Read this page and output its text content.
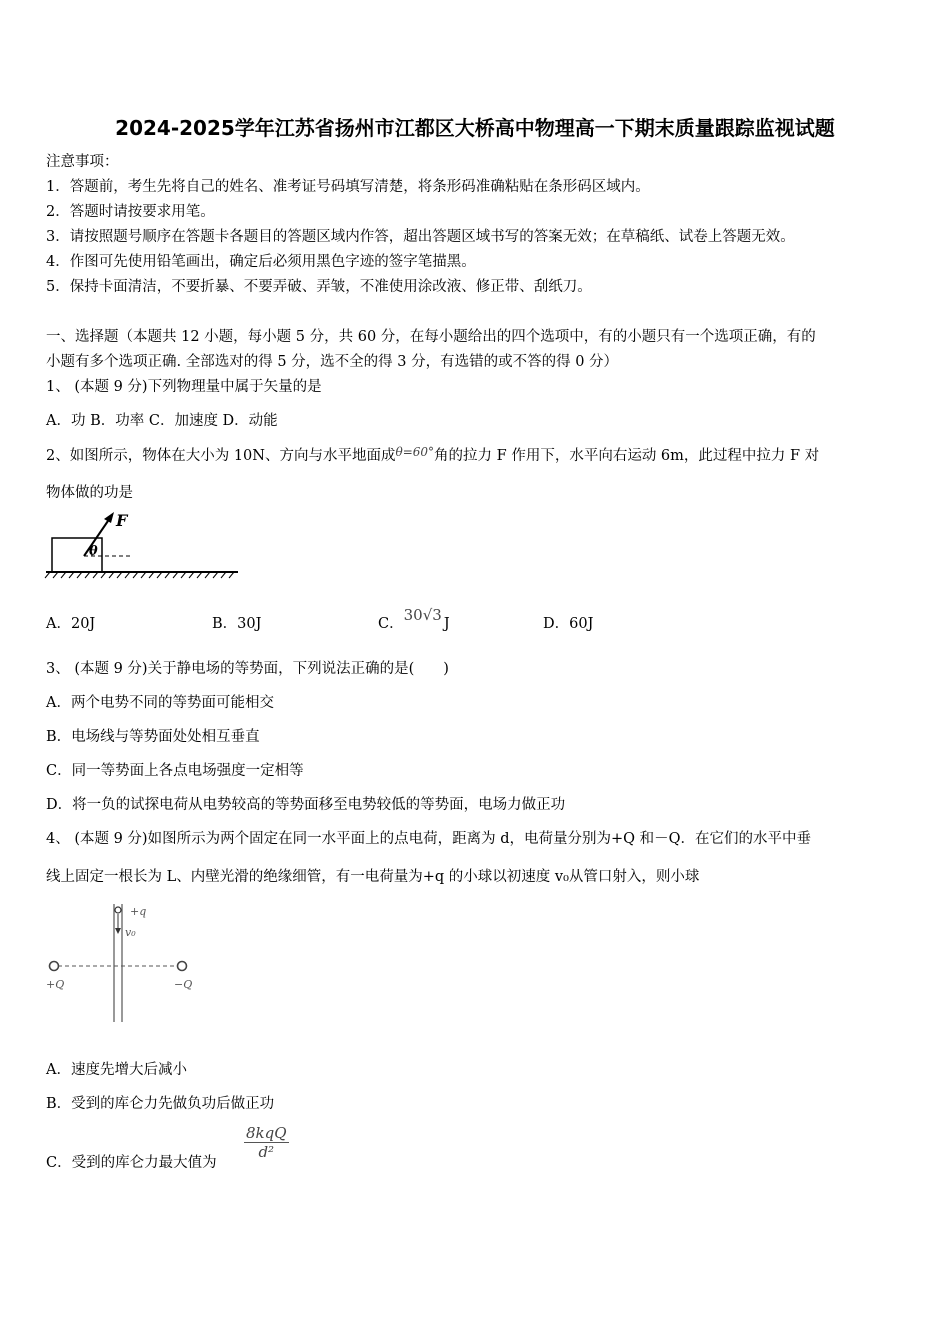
2024-2025学年江苏省扬州市江都区大桥高中物理高一下期末质量跟踪监视试题
注意事项：
1．答题前，考生先将自己的姓名、准考证号码填写清楚，将条形码准确粘贴在条形码区域内。
2．答题时请按要求用笔。
3．请按照题号顺序在答题卡各题目的答题区域内作答，超出答题区域书写的答案无效；在草稿纸、试卷上答题无效。
4．作图可先使用铅笔画出，确定后必须用黑色字迹的签字笔描黑。
5．保持卡面清洁，不要折暴、不要弄破、弄皱，不准使用涂改液、修正带、刮纸刀。
一、选择题（本题共 12 小题，每小题 5 分，共 60 分，在每小题给出的四个选项中，有的小题只有一个选项正确，有的
小题有多个选项正确. 全部选对的得 5 分，选不全的得 3 分，有选错的或不答的得 0 分）
1、 (本题 9 分)下列物理量中属于矢量的是
A．功 B．功率 C．加速度 D．动能
2、如图所示，物体在大小为 10N、方向与水平地面成$^{\theta=60^\circ}$角的拉力 F 作用下，水平向右运动 6m，此过程中拉力 F 对
物体做的功是
F
θ
A．20J	B．30J	C．30√3 J	D．60J
3、 (本题 9 分)关于静电场的等势面，下列说法正确的是(　　)
A．两个电势不同的等势面可能相交
B．电场线与等势面处处相互垂直
C．同一等势面上各点电场强度一定相等
D．将一负的试探电荷从电势较高的等势面移至电势较低的等势面，电场力做正功
4、 (本题 9 分)如图所示为两个固定在同一水平面上的点电荷，距离为 d，电荷量分别为+Q 和－Q．在它们的水平中垂
线上固定一根长为 L、内壁光滑的绝缘细管，有一电荷量为+q 的小球以初速度 v₀从管口射入，则小球
+q
v₀
+Q	−Q
A．速度先增大后减小
B．受到的库仑力先做负功后做正功
C．受到的库仑力最大值为
8kqQ
d²
